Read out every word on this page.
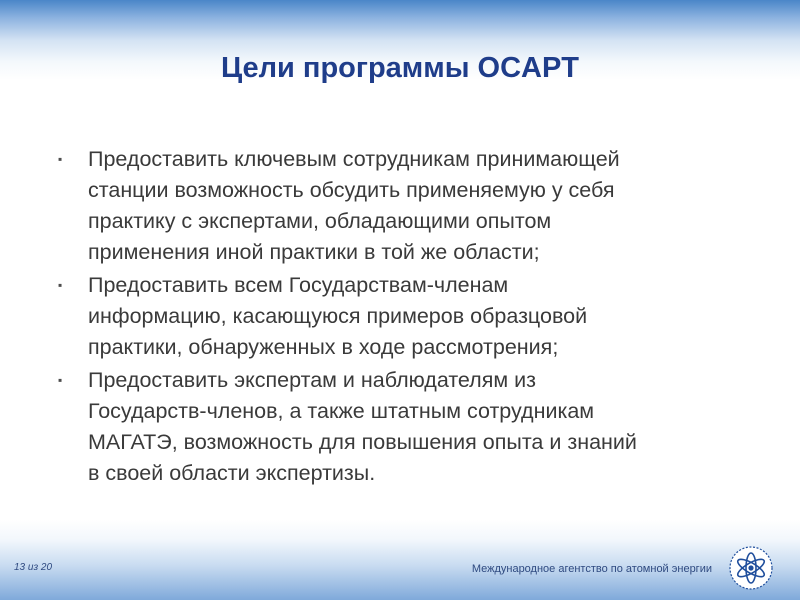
Цели программы OCAPT
▪	Предоставить ключевым сотрудникам принимающей
станции возможность обсудить применяемую у себя
практику с экспертами, обладающими опытом
применения иной практики в той же области;
▪	Предоставить всем Государствам-членам
информацию, касающуюся примеров образцовой
практики, обнаруженных в ходе рассмотрения;
▪	Предоставить экспертам и наблюдателям из
Государств-членов, а также штатным сотрудникам
МАГАТЭ, возможность для повышения опыта и знаний
в своей области экспертизы.
13 из 20	Международное агентство по атомной энергии
